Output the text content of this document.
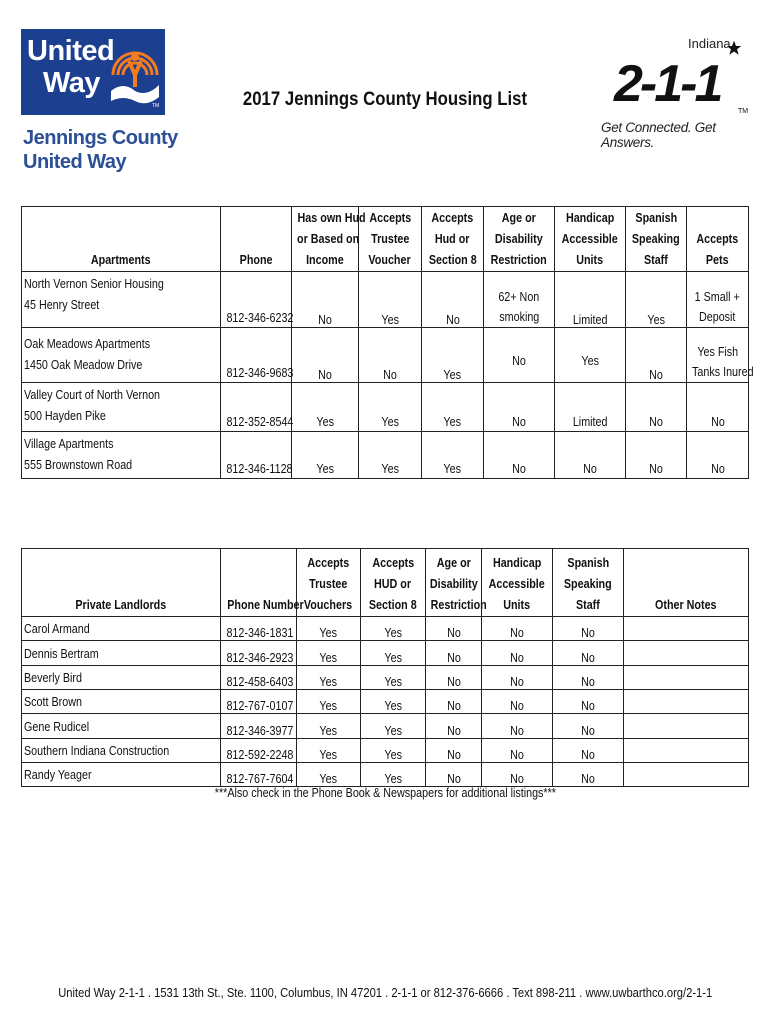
United
Way
TM
Jennings County
United Way
Indiana
2-1-1	TM
Get Connected. Get Answers.
2017 Jennings County Housing List
Apartments	Phone	Has own Hud
or Based on
Income	Accepts
Trustee
Voucher	Accepts
Hud or
Section 8	Age or
Disability
Restriction	Handicap
Accessible
Units	Spanish
Speaking
Staff	Accepts
Pets
North Vernon Senior Housing
45 Henry Street	812-346-6232	No	Yes	No	62+ Non
smoking	Limited	Yes	1 Small +
Deposit
Oak Meadows Apartments
1450 Oak Meadow Drive	812-346-9683	No	No	Yes	No	Yes	No	Yes Fish
Tanks Inured
Valley Court of North Vernon
500 Hayden Pike	812-352-8544	Yes	Yes	Yes	No	Limited	No	No
Village Apartments
555 Brownstown Road	812-346-1128	Yes	Yes	Yes	No	No	No	No
Private Landlords	Phone Number	Accepts
Trustee
Vouchers	Accepts
HUD or
Section 8	Age or
Disability
Restriction	Handicap
Accessible
Units	Spanish
Speaking
Staff	Other Notes
Carol Armand	812-346-1831	Yes	Yes	No	No	No	
Dennis Bertram	812-346-2923	Yes	Yes	No	No	No	
Beverly Bird	812-458-6403	Yes	Yes	No	No	No	
Scott Brown	812-767-0107	Yes	Yes	No	No	No	
Gene Rudicel	812-346-3977	Yes	Yes	No	No	No	
Southern Indiana Construction	812-592-2248	Yes	Yes	No	No	No	
Randy Yeager	812-767-7604	Yes	Yes	No	No	No	
***Also check in the Phone Book & Newspapers for additional listings***
United Way 2-1-1 . 1531 13th St., Ste. 1100, Columbus, IN 47201 . 2-1-1 or 812-376-6666 . Text 898-211 . www.uwbarthco.org/2-1-1
